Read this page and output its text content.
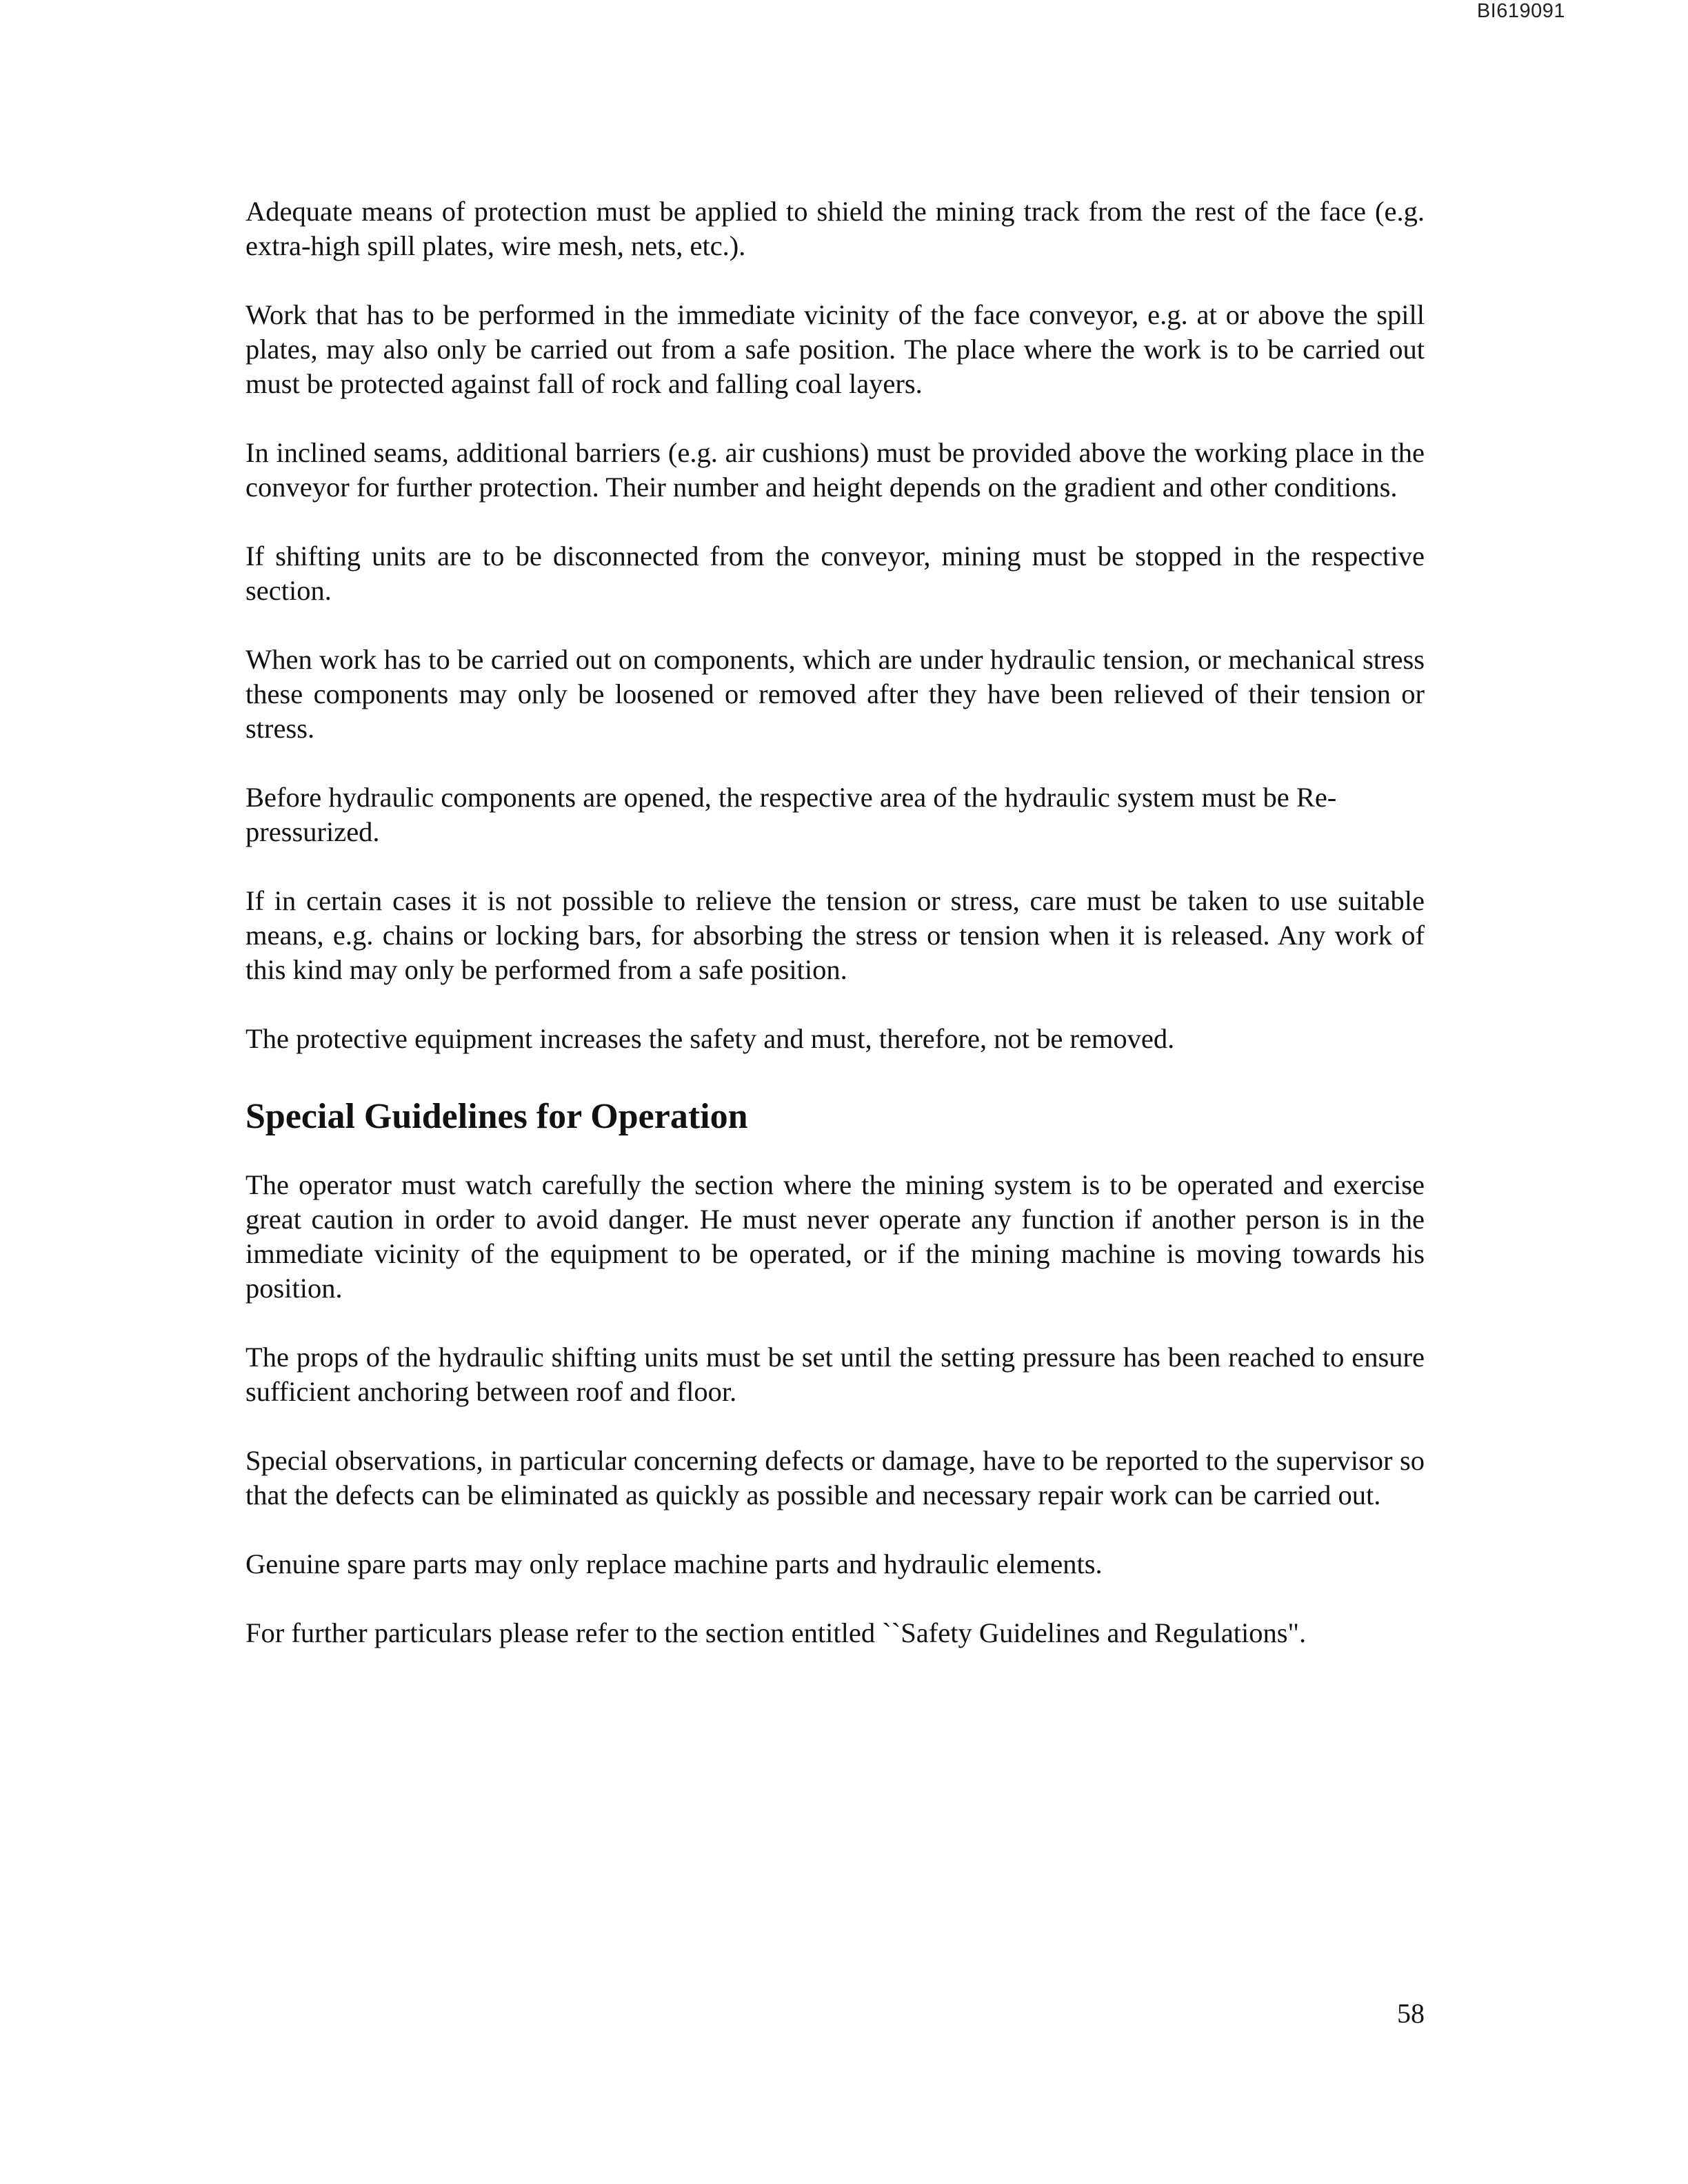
BI619091

Adequate means of protection must be applied to shield the mining track from the rest of the face (e.g. extra-high spill plates, wire mesh, nets, etc.).

Work that has to be performed in the immediate vicinity of the face conveyor, e.g. at or above the spill plates, may also only be carried out from a safe position. The place where the work is to be carried out must be protected against fall of rock and falling coal layers.

In inclined seams, additional barriers (e.g. air cushions) must be provided above the working place in the conveyor for further protection. Their number and height depends on the gradient and other conditions.

If shifting units are to be disconnected from the conveyor, mining must be stopped in the respective section.

When work has to be carried out on components, which are under hydraulic tension, or mechanical stress these components may only be loosened or removed after they have been relieved of their tension or stress.

Before hydraulic components are opened, the respective area of the hydraulic system must be Re-pressurized.

If in certain cases it is not possible to relieve the tension or stress, care must be taken to use suitable means, e.g. chains or locking bars, for absorbing the stress or tension when it is released. Any work of this kind may only be performed from a safe position.

The protective equipment increases the safety and must, therefore, not be removed.

Special Guidelines for Operation

The operator must watch carefully the section where the mining system is to be operated and exercise great caution in order to avoid danger. He must never operate any function if another person is in the immediate vicinity of the equipment to be operated, or if the mining machine is moving towards his position.

The props of the hydraulic shifting units must be set until the setting pressure has been reached to ensure sufficient anchoring between roof and floor.

Special observations, in particular concerning defects or damage, have to be reported to the supervisor so that the defects can be eliminated as quickly as possible and necessary repair work can be carried out.

Genuine spare parts may only replace machine parts and hydraulic elements.

For further particulars please refer to the section entitled ``Safety Guidelines and Regulations".

58
